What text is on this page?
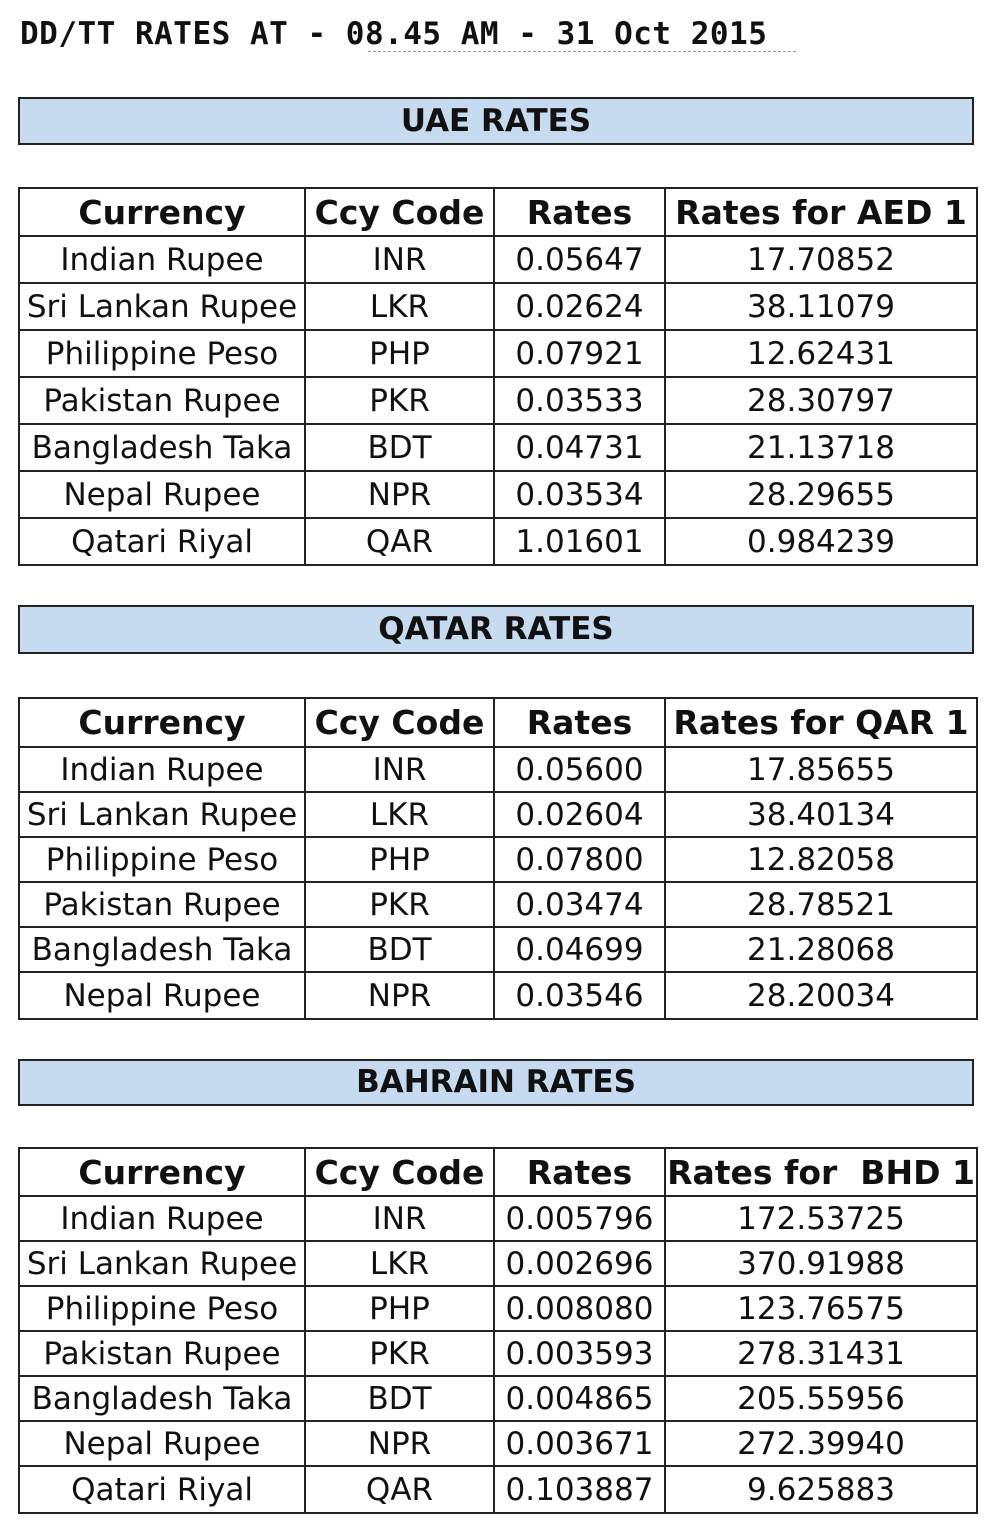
DD/TT RATES AT - 08.45 AM - 31 Oct 2015
UAE RATES
Currency	Ccy Code	Rates	Rates for AED 1
Indian Rupee	INR	0.05647	17.70852
Sri Lankan Rupee	LKR	0.02624	38.11079
Philippine Peso	PHP	0.07921	12.62431
Pakistan Rupee	PKR	0.03533	28.30797
Bangladesh Taka	BDT	0.04731	21.13718
Nepal Rupee	NPR	0.03534	28.29655
Qatari Riyal	QAR	1.01601	0.984239
QATAR RATES
Currency	Ccy Code	Rates	Rates for QAR 1
Indian Rupee	INR	0.05600	17.85655
Sri Lankan Rupee	LKR	0.02604	38.40134
Philippine Peso	PHP	0.07800	12.82058
Pakistan Rupee	PKR	0.03474	28.78521
Bangladesh Taka	BDT	0.04699	21.28068
Nepal Rupee	NPR	0.03546	28.20034
BAHRAIN RATES
Currency	Ccy Code	Rates	Rates for  BHD 1
Indian Rupee	INR	0.005796	172.53725
Sri Lankan Rupee	LKR	0.002696	370.91988
Philippine Peso	PHP	0.008080	123.76575
Pakistan Rupee	PKR	0.003593	278.31431
Bangladesh Taka	BDT	0.004865	205.55956
Nepal Rupee	NPR	0.003671	272.39940
Qatari Riyal	QAR	0.103887	9.625883
